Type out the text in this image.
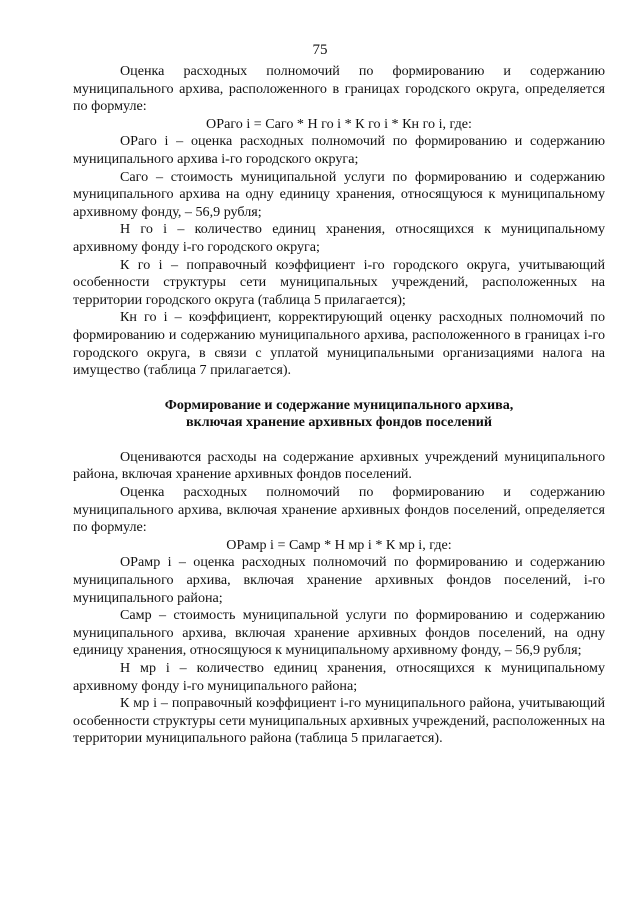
75

Оценка расходных полномочий по формированию и содержанию муниципального архива, расположенного в границах городского округа, определяется по формуле:

ОРаго i = Саго * Н го i * К го i * Кн го i, где:

ОРаго i – оценка расходных полномочий по формированию и содержанию муниципального архива i-го городского округа;

Саго – стоимость муниципальной услуги по формированию и содержанию муниципального архива на одну единицу хранения, относящуюся к муниципальному архивному фонду, – 56,9 рубля;

Н го i – количество единиц хранения, относящихся к муниципальному архивному фонду i-го городского округа;

К го i – поправочный коэффициент i-го городского округа, учитывающий особенности структуры сети муниципальных учреждений, расположенных на территории городского округа (таблица 5 прилагается);

Кн го i – коэффициент, корректирующий оценку расходных полномочий по формированию и содержанию муниципального архива, расположенного в границах i-го городского округа, в связи с уплатой муниципальными организациями налога на имущество (таблица 7 прилагается).

Формирование и содержание муниципального архива,

включая хранение архивных фондов поселений

Оцениваются расходы на содержание архивных учреждений муниципального района, включая хранение архивных фондов поселений.

Оценка расходных полномочий по формированию и содержанию муниципального архива, включая хранение архивных фондов поселений, определяется по формуле:

ОРамр i = Самр * Н мр i * К мр i, где:

ОРамр i – оценка расходных полномочий по формированию и содержанию муниципального архива, включая хранение архивных фондов поселений, i-го муниципального района;

Самр – стоимость муниципальной услуги по формированию и содержанию муниципального архива, включая хранение архивных фондов поселений, на одну единицу хранения, относящуюся к муниципальному архивному фонду, – 56,9 рубля;

Н мр i – количество единиц хранения, относящихся к муниципальному архивному фонду i-го муниципального района;

К мр i – поправочный коэффициент i-го муниципального района, учитывающий особенности структуры сети муниципальных архивных учреждений, расположенных на территории муниципального района (таблица 5 прилагается).
